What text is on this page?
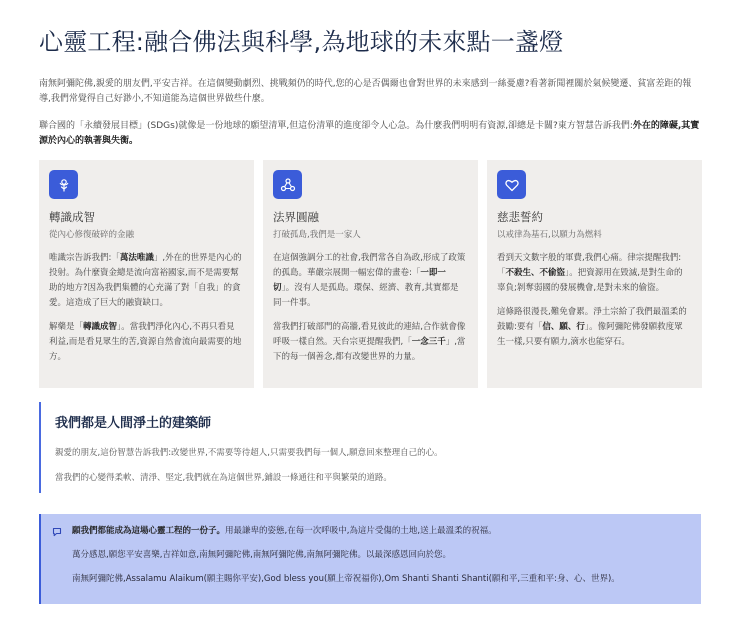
心靈工程:融合佛法與科學,為地球的未來點一盞燈

南無阿彌陀佛,親愛的朋友們,平安吉祥。在這個變動劇烈、挑戰頻仍的時代,您的心是否偶爾也會對世界的未來感到一絲憂慮?看著新聞裡關於氣候變遷、貧富差距的報導,我們常覺得自己好渺小,不知道能為這個世界做些什麼。

聯合國的「永續發展目標」(SDGs)就像是一份地球的願望清單,但這份清單的進度卻令人心急。為什麼我們明明有資源,卻總是卡關?東方智慧告訴我們:外在的障礙,其實源於內心的執著與失衡。

轉識成智
從內心修復破碎的金融

唯識宗告訴我們:「萬法唯識」,外在的世界是內心的投射。為什麼資金總是流向富裕國家,而不是需要幫助的地方?因為我們集體的心充滿了對「自我」的貪愛。這造成了巨大的融資缺口。

解藥是「轉識成智」。當我們淨化內心,不再只看見利益,而是看見眾生的苦,資源自然會流向最需要的地方。

法界圓融
打破孤島,我們是一家人

在這個強調分工的社會,我們常各自為政,形成了政策的孤島。華嚴宗展開一幅宏偉的畫卷:「一即一切」。沒有人是孤島。環保、經濟、教育,其實都是同一件事。

當我們打破部門的高牆,看見彼此的連結,合作就會像呼吸一樣自然。天台宗更提醒我們,「一念三千」,當下的每一個善念,都有改變世界的力量。

慈悲誓約
以戒律為基石,以願力為燃料

看到天文數字般的軍費,我們心痛。律宗提醒我們:「不殺生、不偷盜」。把資源用在毀滅,是對生命的辜負;剝奪弱國的發展機會,是對未來的偷盜。

這條路很漫長,難免會累。淨土宗給了我們最溫柔的鼓勵:要有「信、願、行」。像阿彌陀佛發願救度眾生一樣,只要有願力,滴水也能穿石。

我們都是人間淨土的建築師

親愛的朋友,這份智慧告訴我們:改變世界,不需要等待超人,只需要我們每一個人,願意回來整理自己的心。

當我們的心變得柔軟、清淨、堅定,我們就在為這個世界,鋪設一條通往和平與繁榮的道路。

願我們都能成為這場心靈工程的一份子。用最謙卑的姿態,在每一次呼吸中,為這片受傷的土地,送上最溫柔的祝福。

萬分感恩,願您平安喜樂,吉祥如意,南無阿彌陀佛,南無阿彌陀佛,南無阿彌陀佛。以最深感恩回向於您。

南無阿彌陀佛,Assalamu Alaikum(願主賜你平安),God bless you(願上帝祝福你),Om Shanti Shanti Shanti(願和平,三重和平:身、心、世界)。
